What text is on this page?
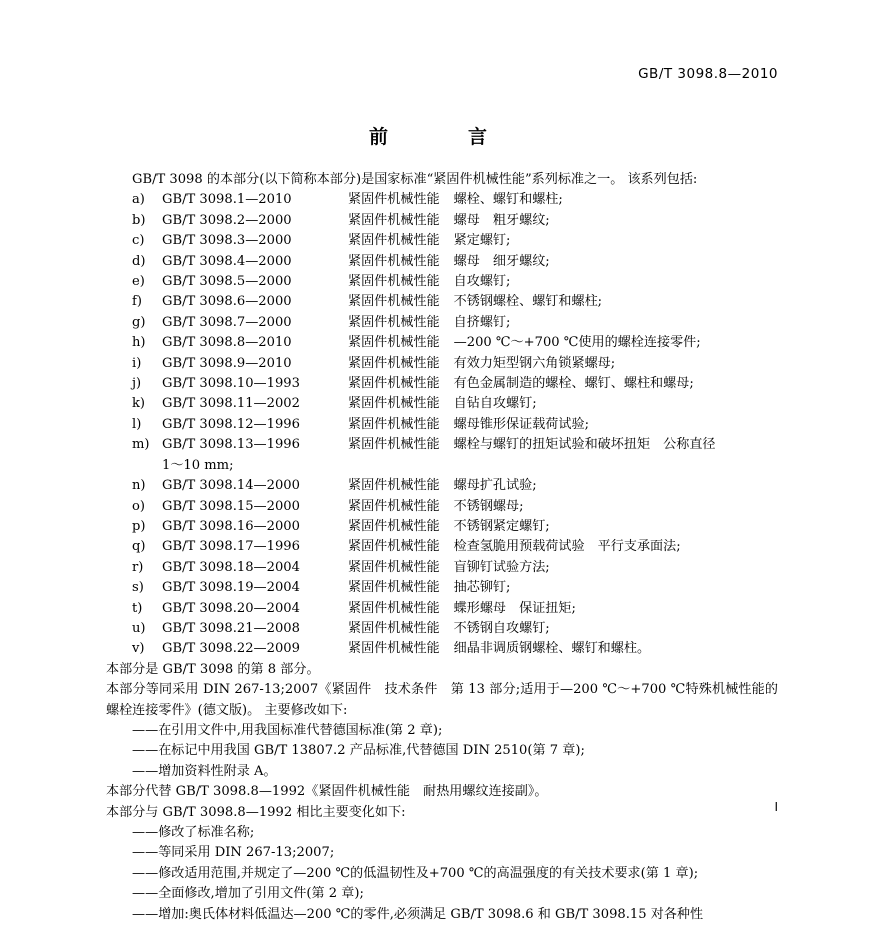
GB/T 3098.8—2010
前　　言

GB/T 3098 的本部分(以下简称本部分)是国家标准“紧固件机械性能”系列标准之一。 该系列包括:

a)	GB/T 3098.1—2010	紧固件机械性能	螺栓、螺钉和螺柱;
b)	GB/T 3098.2—2000	紧固件机械性能	螺母　粗牙螺纹;
c)	GB/T 3098.3—2000	紧固件机械性能	紧定螺钉;
d)	GB/T 3098.4—2000	紧固件机械性能	螺母　细牙螺纹;
e)	GB/T 3098.5—2000	紧固件机械性能	自攻螺钉;
f)	GB/T 3098.6—2000	紧固件机械性能	不锈钢螺栓、螺钉和螺柱;
g)	GB/T 3098.7—2000	紧固件机械性能	自挤螺钉;
h)	GB/T 3098.8—2010	紧固件机械性能	—200 ℃～+700 ℃使用的螺栓连接零件;
i)	GB/T 3098.9—2010	紧固件机械性能	有效力矩型钢六角锁紧螺母;
j)	GB/T 3098.10—1993	紧固件机械性能	有色金属制造的螺栓、螺钉、螺柱和螺母;
k)	GB/T 3098.11—2002	紧固件机械性能	自钻自攻螺钉;
l)	GB/T 3098.12—1996	紧固件机械性能	螺母锥形保证载荷试验;
m) GB/T 3098.13—1996	紧固件机械性能	螺栓与螺钉的扭矩试验和破坏扭矩　公称直径
1～10 mm;
n)	GB/T 3098.14—2000	紧固件机械性能	螺母扩孔试验;
o)	GB/T 3098.15—2000	紧固件机械性能	不锈钢螺母;
p)	GB/T 3098.16—2000	紧固件机械性能	不锈钢紧定螺钉;
q)	GB/T 3098.17—1996	紧固件机械性能	检查氢脆用预载荷试验　平行支承面法;
r)	GB/T 3098.18—2004	紧固件机械性能	盲铆钉试验方法;
s)	GB/T 3098.19—2004	紧固件机械性能	抽芯铆钉;
t)	GB/T 3098.20—2004	紧固件机械性能	蝶形螺母　保证扭矩;
u)	GB/T 3098.21—2008	紧固件机械性能	不锈钢自攻螺钉;
v)	GB/T 3098.22—2009	紧固件机械性能	细晶非调质钢螺栓、螺钉和螺柱。

本部分是 GB/T 3098 的第 8 部分。

本部分等同采用 DIN 267-13;2007《紧固件　技术条件　第 13 部分;适用于—200 ℃～+700 ℃特殊机械性能的螺栓连接零件》(德文版)。 主要修改如下:

——在引用文件中,用我国标准代替德国标准(第 2 章);

——在标记中用我国 GB/T 13807.2 产品标准,代替德国 DIN 2510(第 7 章);

——增加资料性附录 A。

本部分代替 GB/T 3098.8—1992《紧固件机械性能　耐热用螺纹连接副》。

本部分与 GB/T 3098.8—1992 相比主要变化如下:

——修改了标准名称;

——等同采用 DIN 267-13;2007;

——修改适用范围,并规定了—200 ℃的低温韧性及+700 ℃的高温强度的有关技术要求(第 1 章);

——全面修改,增加了引用文件(第 2 章);

——增加:奥氏体材料低温达—200 ℃的零件,必须满足 GB/T 3098.6 和 GB/T 3098.15 对各种性

I
